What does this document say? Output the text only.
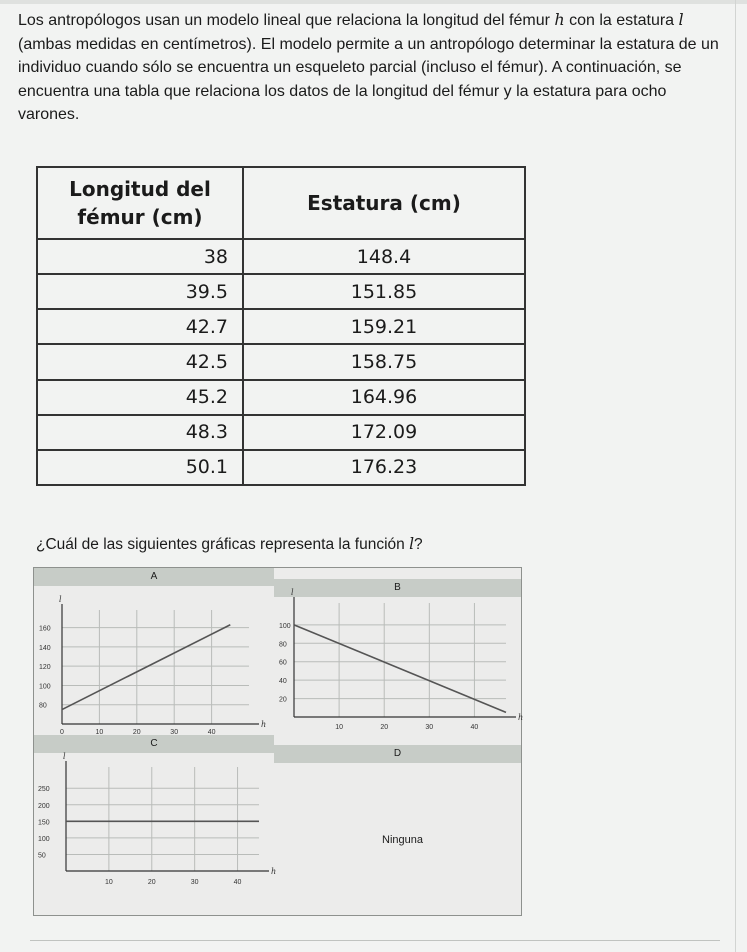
Los antropólogos usan un modelo lineal que relaciona la longitud del fémur h con la estatura l (ambas medidas en centímetros). El modelo permite a un antropólogo determinar la estatura de un individuo cuando sólo se encuentra un esqueleto parcial (incluso el fémur). A continuación, se encuentra una tabla que relaciona los datos de la longitud del fémur y la estatura para ocho varones.

Longitud del fémur (cm)	Estatura (cm)
38	148.4
39.5	151.85
42.7	159.21
42.5	158.75
45.2	164.96
48.3	172.09
50.1	176.23

¿Cuál de las siguientes gráficas representa la función l?

A
B
C
D
l
h
0	10	20	30	40
80
100
120
140
160
l
h
10	20	30	40
20
40
60
80
100
l
h
10	20	30	40
50
100
150
200
250
Ninguna
